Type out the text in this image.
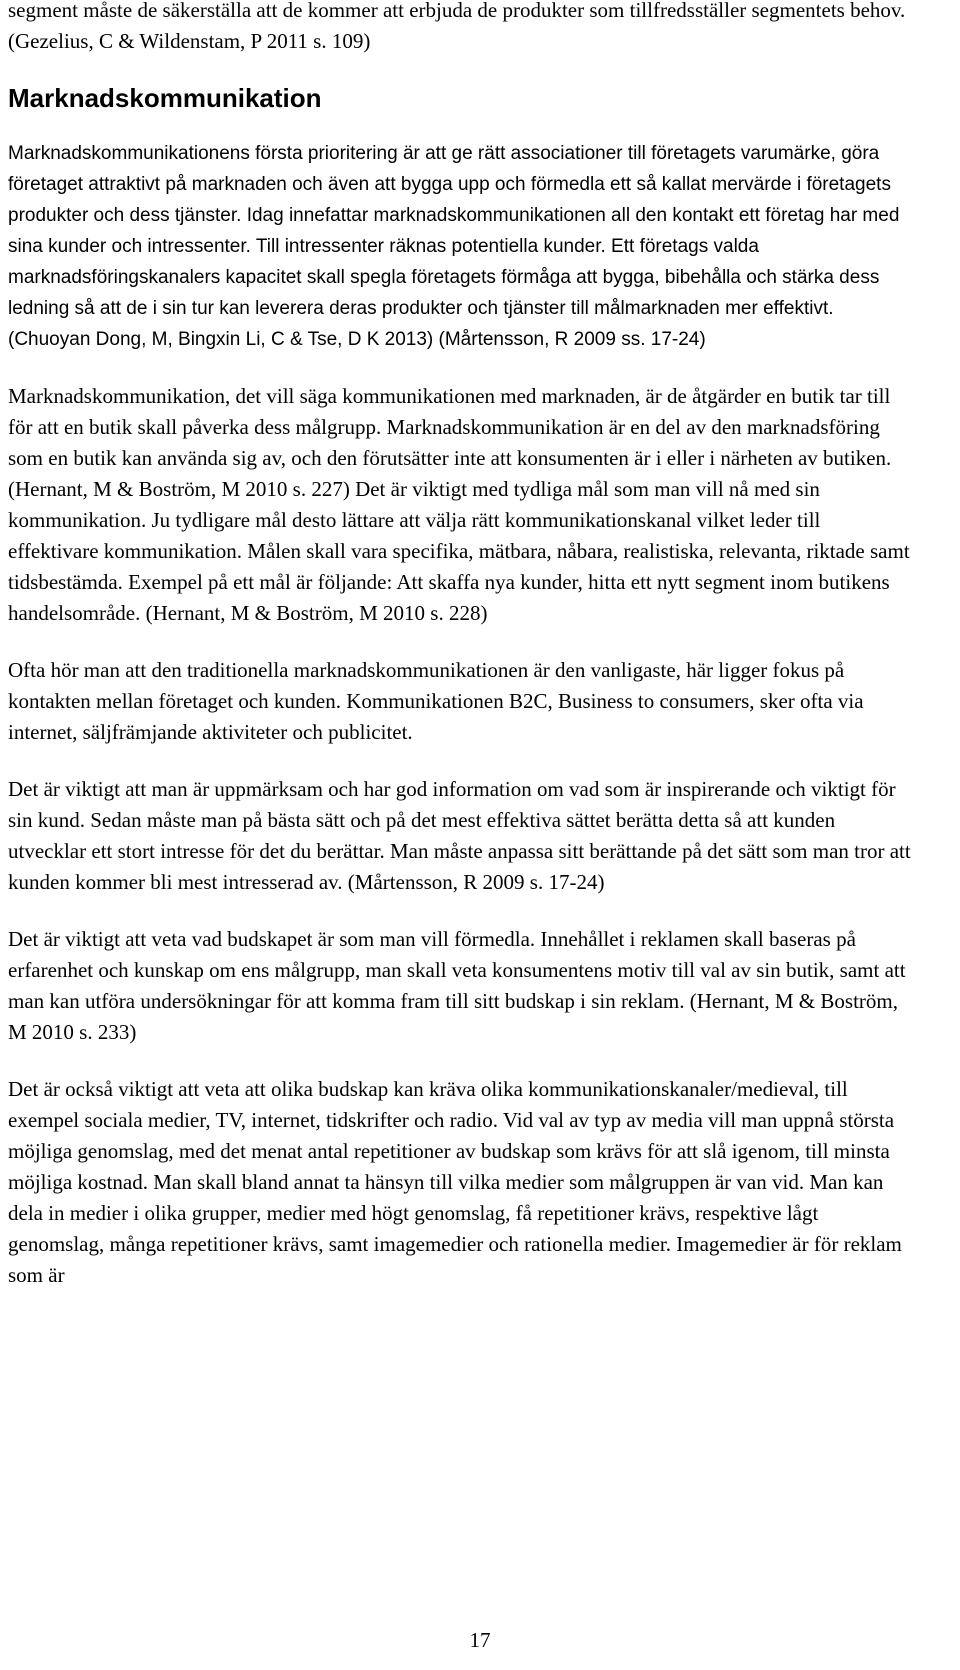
segment måste de säkerställa att de kommer att erbjuda de produkter som tillfredsställer segmentets behov. (Gezelius, C & Wildenstam, P 2011 s. 109)

Marknadskommunikation

Marknadskommunikationens första prioritering är att ge rätt associationer till företagets varumärke, göra företaget attraktivt på marknaden och även att bygga upp och förmedla ett så kallat mervärde i företagets produkter och dess tjänster. Idag innefattar marknadskommunikationen all den kontakt ett företag har med sina kunder och intressenter. Till intressenter räknas potentiella kunder. Ett företags valda marknadsföringskanalers kapacitet skall spegla företagets förmåga att bygga, bibehålla och stärka dess ledning så att de i sin tur kan leverera deras produkter och tjänster till målmarknaden mer effektivt. (Chuoyan Dong, M, Bingxin Li, C & Tse, D K 2013) (Mårtensson, R 2009 ss. 17-24)

Marknadskommunikation, det vill säga kommunikationen med marknaden, är de åtgärder en butik tar till för att en butik skall påverka dess målgrupp. Marknadskommunikation är en del av den marknadsföring som en butik kan använda sig av, och den förutsätter inte att konsumenten är i eller i närheten av butiken. (Hernant, M & Boström, M 2010 s. 227) Det är viktigt med tydliga mål som man vill nå med sin kommunikation. Ju tydligare mål desto lättare att välja rätt kommunikationskanal vilket leder till effektivare kommunikation. Målen skall vara specifika, mätbara, nåbara, realistiska, relevanta, riktade samt tidsbestämda. Exempel på ett mål är följande: Att skaffa nya kunder, hitta ett nytt segment inom butikens handelsområde. (Hernant, M & Boström, M 2010 s. 228)

Ofta hör man att den traditionella marknadskommunikationen är den vanligaste, här ligger fokus på kontakten mellan företaget och kunden. Kommunikationen B2C, Business to consumers, sker ofta via internet, säljfrämjande aktiviteter och publicitet.

Det är viktigt att man är uppmärksam och har god information om vad som är inspirerande och viktigt för sin kund. Sedan måste man på bästa sätt och på det mest effektiva sättet berätta detta så att kunden utvecklar ett stort intresse för det du berättar. Man måste anpassa sitt berättande på det sätt som man tror att kunden kommer bli mest intresserad av. (Mårtensson, R 2009 s. 17-24)

Det är viktigt att veta vad budskapet är som man vill förmedla. Innehållet i reklamen skall baseras på erfarenhet och kunskap om ens målgrupp, man skall veta konsumentens motiv till val av sin butik, samt att man kan utföra undersökningar för att komma fram till sitt budskap i sin reklam. (Hernant, M & Boström, M 2010 s. 233)

Det är också viktigt att veta att olika budskap kan kräva olika kommunikationskanaler/medieval, till exempel sociala medier, TV, internet, tidskrifter och radio. Vid val av typ av media vill man uppnå största möjliga genomslag, med det menat antal repetitioner av budskap som krävs för att slå igenom, till minsta möjliga kostnad. Man skall bland annat ta hänsyn till vilka medier som målgruppen är van vid. Man kan dela in medier i olika grupper, medier med högt genomslag, få repetitioner krävs, respektive lågt genomslag, många repetitioner krävs, samt imagemedier och rationella medier. Imagemedier är för reklam som är

17
